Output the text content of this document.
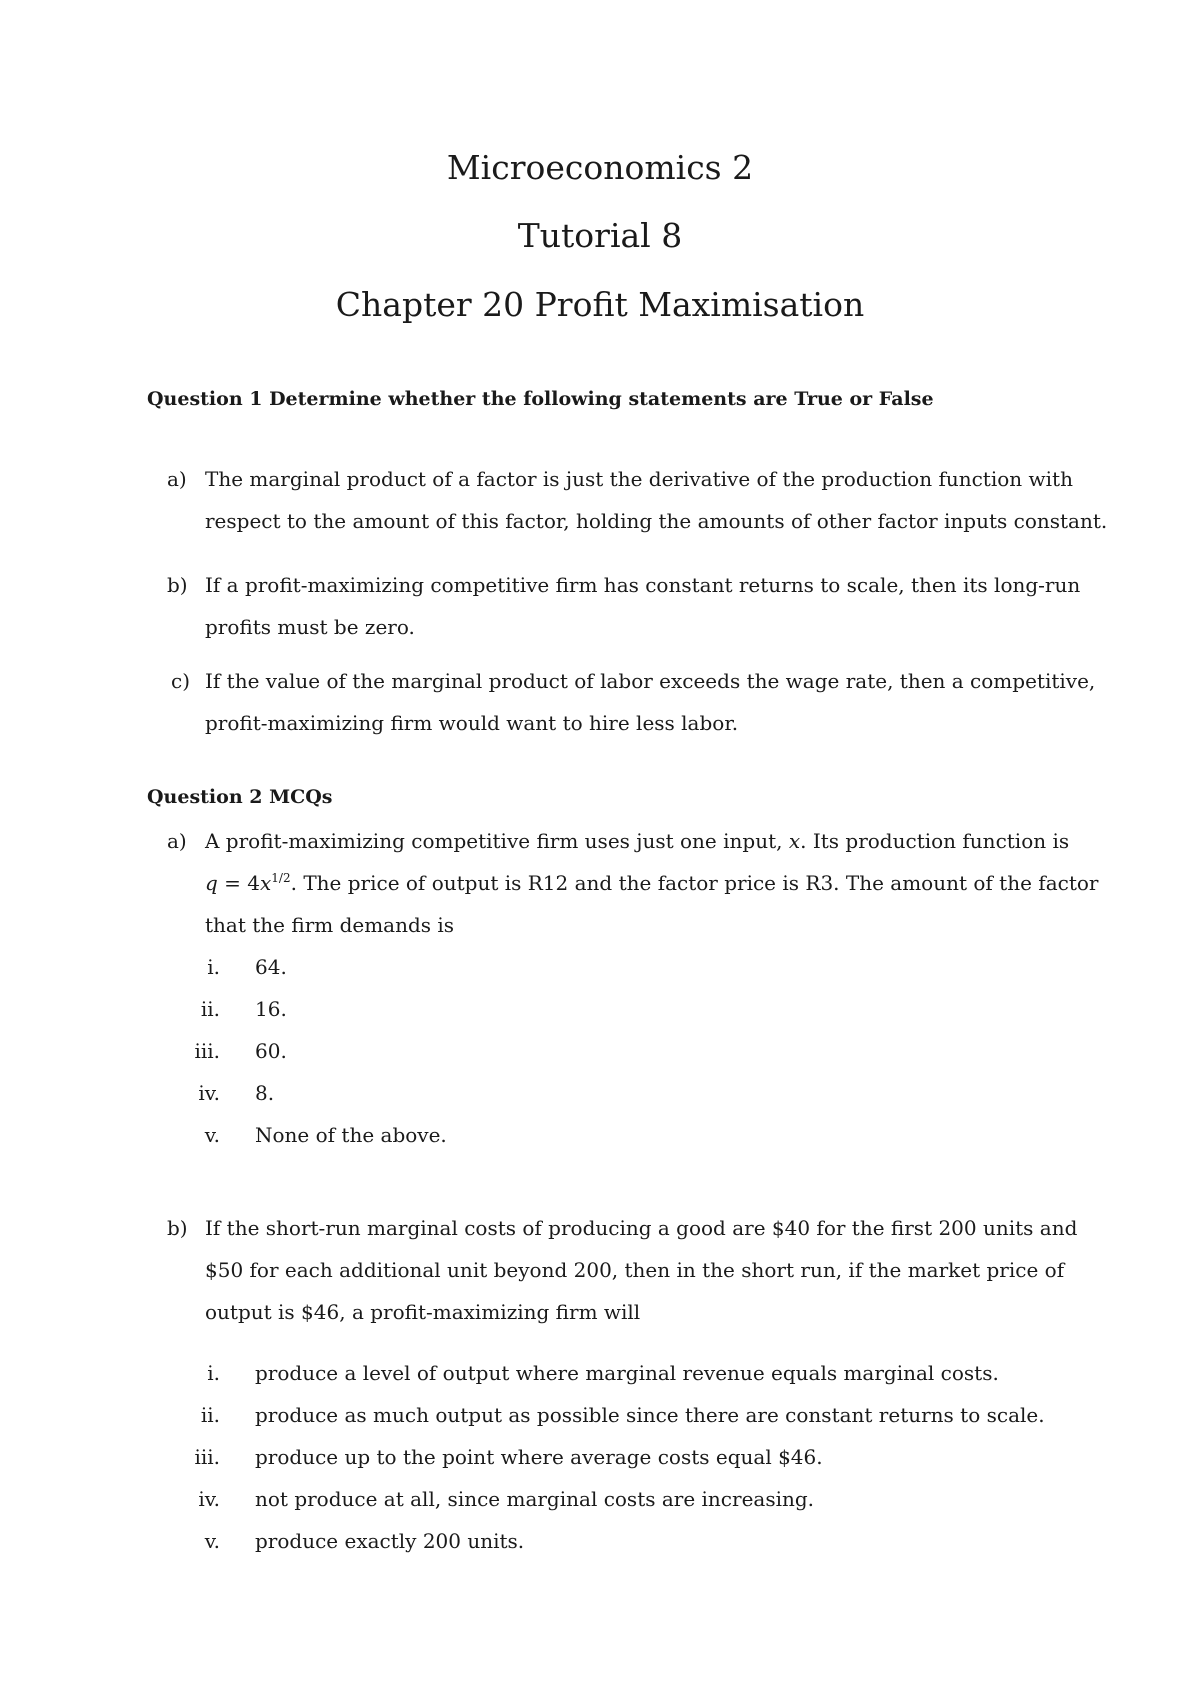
Microeconomics 2
Tutorial 8
Chapter 20 Profit Maximisation
Question 1 Determine whether the following statements are True or False
a) The marginal product of a factor is just the derivative of the production function with
respect to the amount of this factor, holding the amounts of other factor inputs constant.
b) If a profit-maximizing competitive firm has constant returns to scale, then its long-run
profits must be zero.
c) If the value of the marginal product of labor exceeds the wage rate, then a competitive,
profit-maximizing firm would want to hire less labor.
Question 2 MCQs
a) A profit-maximizing competitive firm uses just one input, x. Its production function is
$q = 4x^{1/2}$. The price of output is R12 and the factor price is R3. The amount of the factor
that the firm demands is
i. 64.
ii. 16.
iii. 60.
iv. 8.
v. None of the above.
b) If the short-run marginal costs of producing a good are $40 for the first 200 units and
$50 for each additional unit beyond 200, then in the short run, if the market price of
output is $46, a profit-maximizing firm will
i. produce a level of output where marginal revenue equals marginal costs.
ii. produce as much output as possible since there are constant returns to scale.
iii. produce up to the point where average costs equal $46.
iv. not produce at all, since marginal costs are increasing.
v. produce exactly 200 units.
